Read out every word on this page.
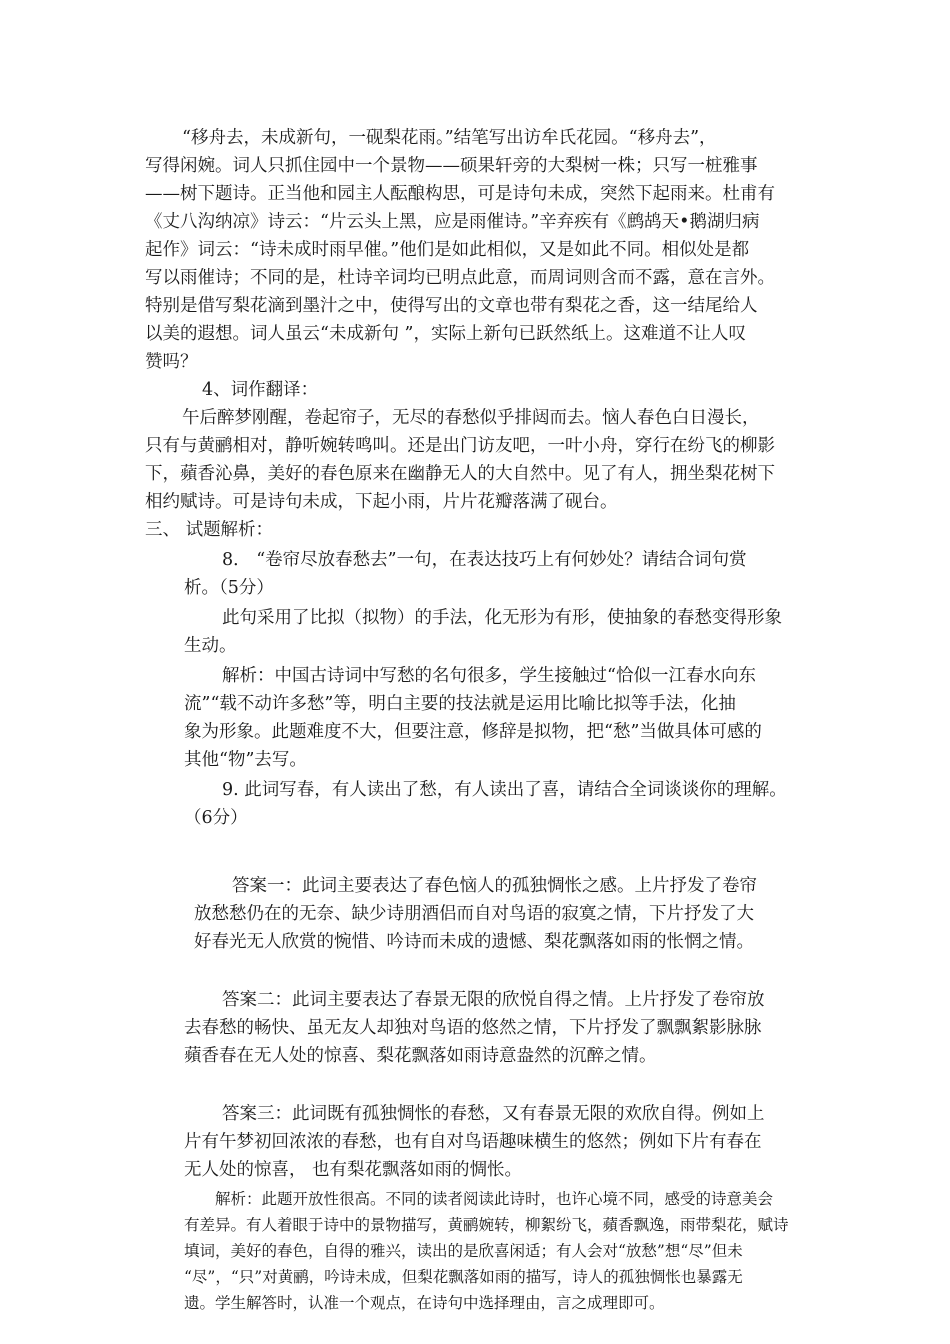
“移舟去，未成新句，一砚梨花雨。”结笔写出访牟氏花园。“移舟去”，
写得闲婉。词人只抓住园中一个景物——硕果轩旁的大梨树一株；只写一桩雅事
——树下题诗。正当他和园主人酝酿构思，可是诗句未成，突然下起雨来。杜甫有
《丈八沟纳凉》诗云：“片云头上黑，应是雨催诗。”辛弃疾有《鹧鸪天•鹅湖归病
起作》词云：“诗未成时雨早催。”他们是如此相似，又是如此不同。相似处是都
写以雨催诗；不同的是，杜诗辛词均已明点此意，而周词则含而不露，意在言外。
特别是借写梨花滴到墨汁之中，使得写出的文章也带有梨花之香，这一结尾给人
以美的遐想。词人虽云“未成新句 ”，实际上新句已跃然纸上。这难道不让人叹
赞吗？
4、词作翻译：
午后醉梦刚醒，卷起帘子，无尽的春愁似乎排闼而去。恼人春色白日漫长，
只有与黄鹂相对，静听婉转鸣叫。还是出门访友吧，一叶小舟，穿行在纷飞的柳影
下，蘋香沁鼻，美好的春色原来在幽静无人的大自然中。见了有人，拥坐梨花树下
相约赋诗。可是诗句未成，下起小雨，片片花瓣落满了砚台。
三、 试题解析：
8． “卷帘尽放春愁去”一句，在表达技巧上有何妙处？请结合词句赏
析。（5分）
此句采用了比拟（拟物）的手法，化无形为有形，使抽象的春愁变得形象
生动。
解析：中国古诗词中写愁的名句很多，学生接触过“恰似一江春水向东
流”“载不动许多愁”等，明白主要的技法就是运用比喻比拟等手法，化抽
象为形象。此题难度不大，但要注意，修辞是拟物，把“愁”当做具体可感的
其他“物”去写。
9. 此词写春，有人读出了愁，有人读出了喜，请结合全词谈谈你的理解。
（6分）
答案一：此词主要表达了春色恼人的孤独惆怅之感。上片抒发了卷帘
放愁愁仍在的无奈、缺少诗朋酒侣而自对鸟语的寂寞之情，下片抒发了大
好春光无人欣赏的惋惜、吟诗而未成的遗憾、梨花飘落如雨的怅惘之情。
答案二：此词主要表达了春景无限的欣悦自得之情。上片抒发了卷帘放
去春愁的畅快、虽无友人却独对鸟语的悠然之情，下片抒发了飘飘絮影脉脉
蘋香春在无人处的惊喜、梨花飘落如雨诗意盎然的沉醉之情。
答案三：此词既有孤独惆怅的春愁，又有春景无限的欢欣自得。例如上
片有午梦初回浓浓的春愁，也有自对鸟语趣味横生的悠然；例如下片有春在
无人处的惊喜， 也有梨花飘落如雨的惆怅。
解析：此题开放性很高。不同的读者阅读此诗时，也许心境不同，感受的诗意美会
有差异。有人着眼于诗中的景物描写，黄鹂婉转，柳絮纷飞，蘋香飘逸，雨带梨花，赋诗
填词，美好的春色，自得的雅兴，读出的是欣喜闲适；有人会对“放愁”想“尽”但未
“尽”，“只”对黄鹂，吟诗未成，但梨花飘落如雨的描写，诗人的孤独惆怅也暴露无
遗。学生解答时，认准一个观点，在诗句中选择理由，言之成理即可。
